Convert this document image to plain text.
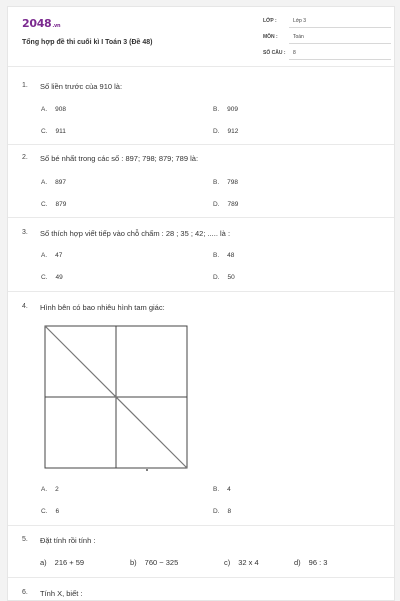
2048.vn
Tổng hợp đề thi cuối kì I Toán 3 (Đề 48)
LỚP :	Lớp 3
MÔN :	Toán
SỐ CÂU : 8
1. Số liền trước của 910 là:
A. 908	B. 909
C. 911	D. 912
2. Số bé nhất trong các số : 897; 798; 879; 789 là:
A. 897	B. 798
C. 879	D. 789
3. Số thích hợp viết tiếp vào chỗ chấm : 28 ; 35 ; 42; ..... là :
A. 47	B. 48
C. 49	D. 50
4. Hình bên có bao nhiêu hình tam giác:
A. 2	B. 4
C. 6	D. 8
5. Đặt tính rồi tính :
a) 216 + 59	b) 760 − 325	c) 32 x 4	d) 96 : 3
6. Tính X, biết :
